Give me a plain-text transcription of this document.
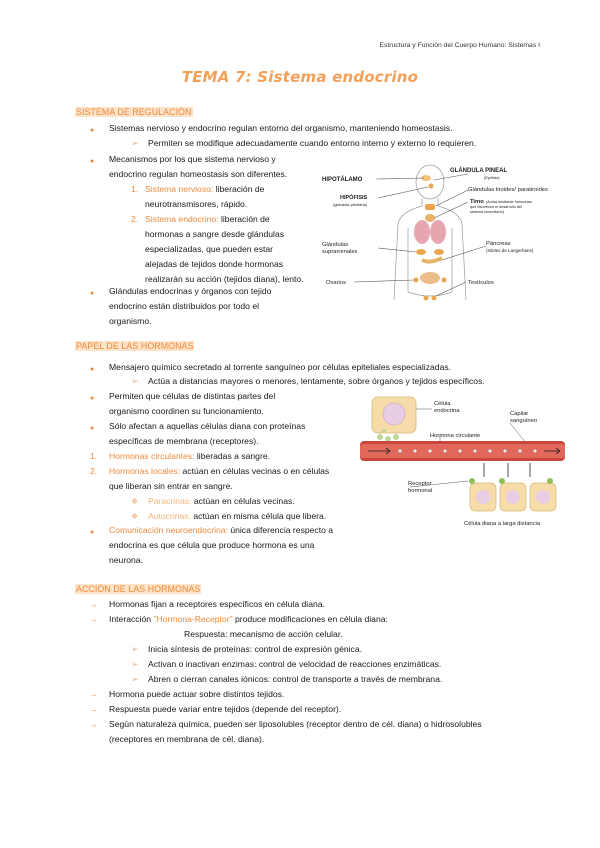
Estructura y Función del Cuerpo Humano: Sistemas I
TEMA 7: Sistema endocrino
SISTEMA DE REGULACIÓN
● Sistemas nervioso y endocrino regulan entorno del organismo, manteniendo homeostasis.
➢ Permiten se modifique adecuadamente cuando entorno interno y externo lo requieren.
● Mecanismos por los que sistema nervioso y
endocrino regulan homeostasis son diferentes.
1. Sistema nervioso: liberación de
neurotransmisores, rápido.
2. Sistema endocrino: liberación de
hormonas a sangre desde glándulas
especializadas, que pueden estar
alejadas de tejidos donde hormonas
realizarán su acción (tejidos diana), lento.
● Glándulas endocrinas y órganos con tejido
endocrino están distribuidos por todo el
organismo.
HIPOTÁLAMO
HIPÓFISIS
(glándula pituitaria)
Glándulas
suprarrenales
Ovarios
GLÁNDULA PINEAL
(Epífisis)
Glándulas tiroides/ paratiroides
Timo (Actúa mediante hormonas
que favorecen el desarrollo del
sistema inmunitario)
Páncreas
(Islotes de Langerhans)
Testículos
PAPEL DE LAS HORMONAS
● Mensajero químico secretado al torrente sanguíneo por células epiteliales especializadas.
➢ Actúa a distancias mayores o menores, lentamente, sobre órganos y tejidos específicos.
● Permiten que células de distintas partes del
organismo coordinen su funcionamiento.
● Sólo afectan a aquellas células diana con proteínas
específicas de membrana (receptores).
1. Hormonas circulantes: liberadas a sangre.
2. Hormonas locales: actúan en células vecinas o en células
que liberan sin entrar en sangre.
❖ Paracrinas: actúan en células vecinas.
❖ Autocrinas: actúan en misma célula que libera.
● Comunicación neuroendocrina: única diferencia respecto a
endocrina es que célula que produce hormona es una
neurona.
Célula
endocrina	Capilar
sanguíneo
Hormona circulante
Receptor
hormonal
Célula diana a larga distancia
ACCIÓN DE LAS HORMONAS
→ Hormonas fijan a receptores específicos en célula diana.
→ Interacción "Hormona-Receptor" produce modificaciones en célula diana:
Respuesta: mecanismo de acción celular.
➢ Inicia síntesis de proteínas: control de expresión génica.
➢ Activan o inactivan enzimas: control de velocidad de reacciones enzimáticas.
➢ Abren o cierran canales iónicos: control de transporte a través de membrana.
→ Hormona puede actuar sobre distintos tejidos.
→ Respuesta puede variar entre tejidos (depende del receptor).
→ Según naturaleza química, pueden ser liposolubles (receptor dentro de cél. diana) o hidrosolubles
(receptores en membrana de cél. diana).
